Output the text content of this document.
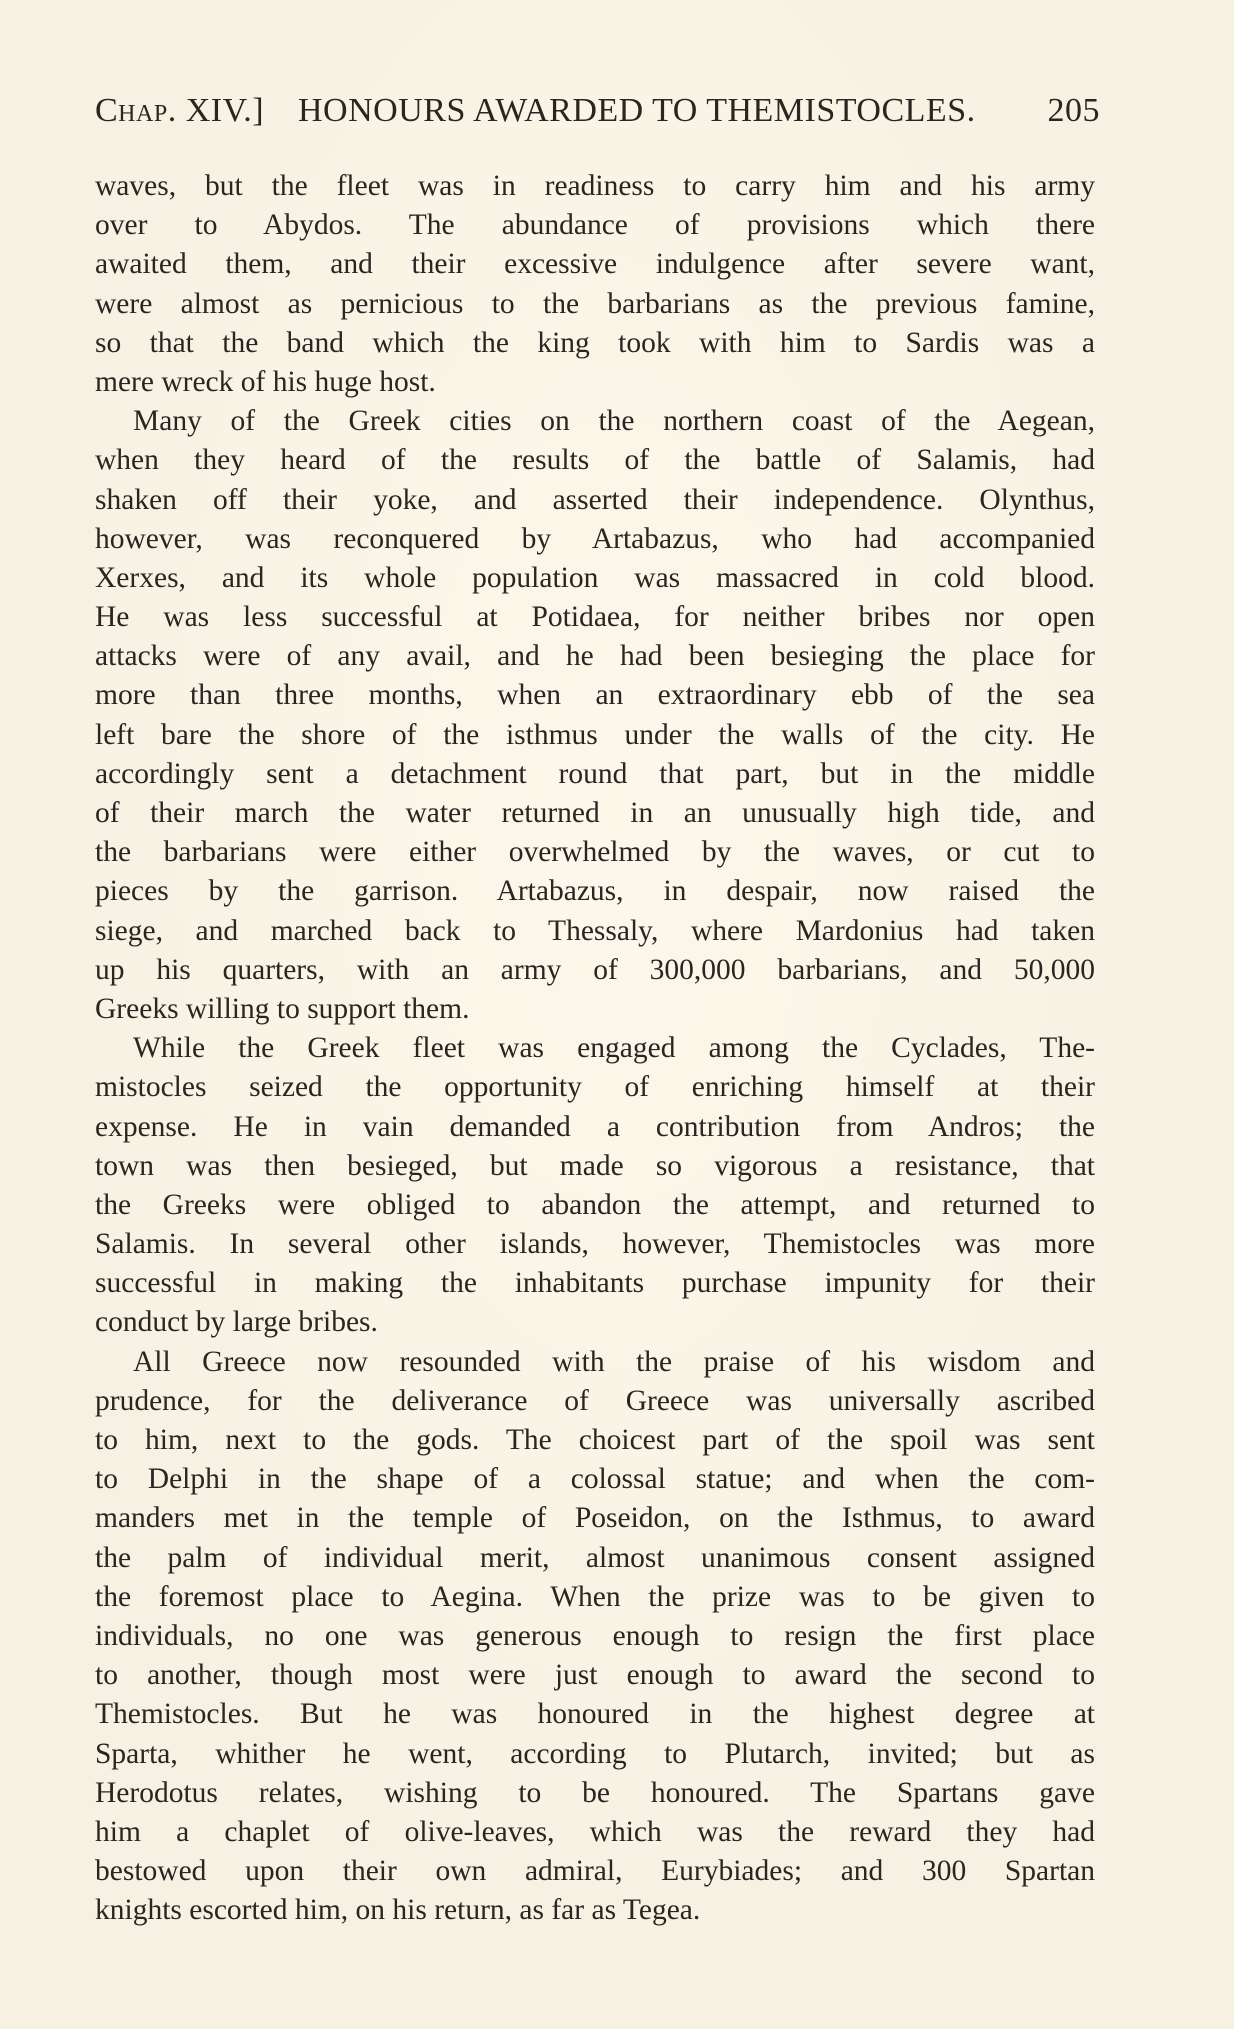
Chap. XIV.] HONOURS AWARDED TO THEMISTOCLES. 205
waves, but the fleet was in readiness to carry him and his army
over to Abydos. The abundance of provisions which there
awaited them, and their excessive indulgence after severe want,
were almost as pernicious to the barbarians as the previous famine,
so that the band which the king took with him to Sardis was a
mere wreck of his huge host.
Many of the Greek cities on the northern coast of the Aegean,
when they heard of the results of the battle of Salamis, had
shaken off their yoke, and asserted their independence. Olynthus,
however, was reconquered by Artabazus, who had accompanied
Xerxes, and its whole population was massacred in cold blood.
He was less successful at Potidaea, for neither bribes nor open
attacks were of any avail, and he had been besieging the place for
more than three months, when an extraordinary ebb of the sea
left bare the shore of the isthmus under the walls of the city. He
accordingly sent a detachment round that part, but in the middle
of their march the water returned in an unusually high tide, and
the barbarians were either overwhelmed by the waves, or cut to
pieces by the garrison. Artabazus, in despair, now raised the
siege, and marched back to Thessaly, where Mardonius had taken
up his quarters, with an army of 300,000 barbarians, and 50,000
Greeks willing to support them.
While the Greek fleet was engaged among the Cyclades, The-
mistocles seized the opportunity of enriching himself at their
expense. He in vain demanded a contribution from Andros; the
town was then besieged, but made so vigorous a resistance, that
the Greeks were obliged to abandon the attempt, and returned to
Salamis. In several other islands, however, Themistocles was more
successful in making the inhabitants purchase impunity for their
conduct by large bribes.
All Greece now resounded with the praise of his wisdom and
prudence, for the deliverance of Greece was universally ascribed
to him, next to the gods. The choicest part of the spoil was sent
to Delphi in the shape of a colossal statue; and when the com-
manders met in the temple of Poseidon, on the Isthmus, to award
the palm of individual merit, almost unanimous consent assigned
the foremost place to Aegina. When the prize was to be given to
individuals, no one was generous enough to resign the first place
to another, though most were just enough to award the second to
Themistocles. But he was honoured in the highest degree at
Sparta, whither he went, according to Plutarch, invited; but as
Herodotus relates, wishing to be honoured. The Spartans gave
him a chaplet of olive-leaves, which was the reward they had
bestowed upon their own admiral, Eurybiades; and 300 Spartan
knights escorted him, on his return, as far as Tegea.
